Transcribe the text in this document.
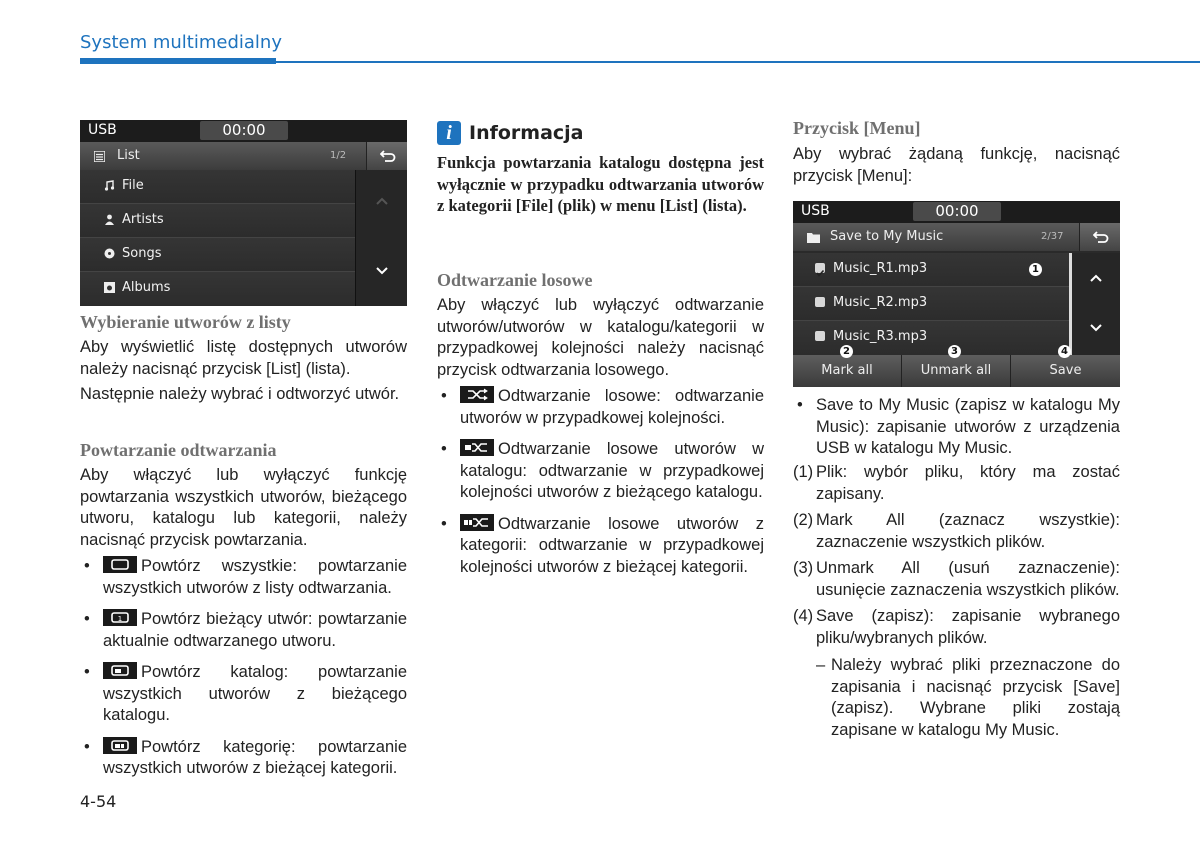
System multimedialny
USB	00:00
List	1/2
File
Artists
Songs
Albums
Wybieranie utworów z listy
Aby wyświetlić listę dostępnych utworów należy nacisnąć przycisk [List] (lista).
Następnie należy wybrać i odtworzyć utwór.
Powtarzanie odtwarzania
Aby włączyć lub wyłączyć funkcję powtarzania wszystkich utworów, bieżącego utworu, katalogu lub kategorii, należy nacisnąć przycisk powtarzania.
• Powtórz wszystkie: powtarzanie wszystkich utworów z listy odtwarzania.
• 1 Powtórz bieżący utwór: powtarzanie aktualnie odtwarzanego utworu.
• Powtórz katalog: powtarzanie wszystkich utworów z bieżącego katalogu.
• Powtórz kategorię: powtarzanie wszystkich utworów z bieżącej kategorii.
4-54
i Informacja
Funkcja powtarzania katalogu dostępna jest wyłącznie w przypadku odtwarzania utworów z kategorii [File] (plik) w menu [List] (lista).
Odtwarzanie losowe
Aby włączyć lub wyłączyć odtwarzanie utworów/utworów w katalogu/kategorii w przypadkowej kolejności należy nacisnąć przycisk odtwarzania losowego.
• Odtwarzanie losowe: odtwarzanie utworów w przypadkowej kolejności.
• Odtwarzanie losowe utworów w katalogu: odtwarzanie w przypadkowej kolejności utworów z bieżącego katalogu.
• Odtwarzanie losowe utworów z kategorii: odtwarzanie w przypadkowej kolejności utworów z bieżącej kategorii.
Przycisk [Menu]
Aby wybrać żądaną funkcję, nacisnąć przycisk [Menu]:
USB	00:00
Save to My Music	2/37
Music_R1.mp3	1
Music_R2.mp3
Music_R3.mp3
Mark all	Unmark all	Save
2	3	4
• Save to My Music (zapisz w katalogu My Music): zapisanie utworów z urządzenia USB w katalogu My Music.
(1) Plik: wybór pliku, który ma zostać zapisany.
(2) Mark All (zaznacz wszystkie): zaznaczenie wszystkich plików.
(3) Unmark All (usuń zaznaczenie): usunięcie zaznaczenia wszystkich plików.
(4) Save (zapisz): zapisanie wybranego pliku/wybranych plików.
– Należy wybrać pliki przeznaczone do zapisania i nacisnąć przycisk [Save] (zapisz). Wybrane pliki zostają zapisane w katalogu My Music.
